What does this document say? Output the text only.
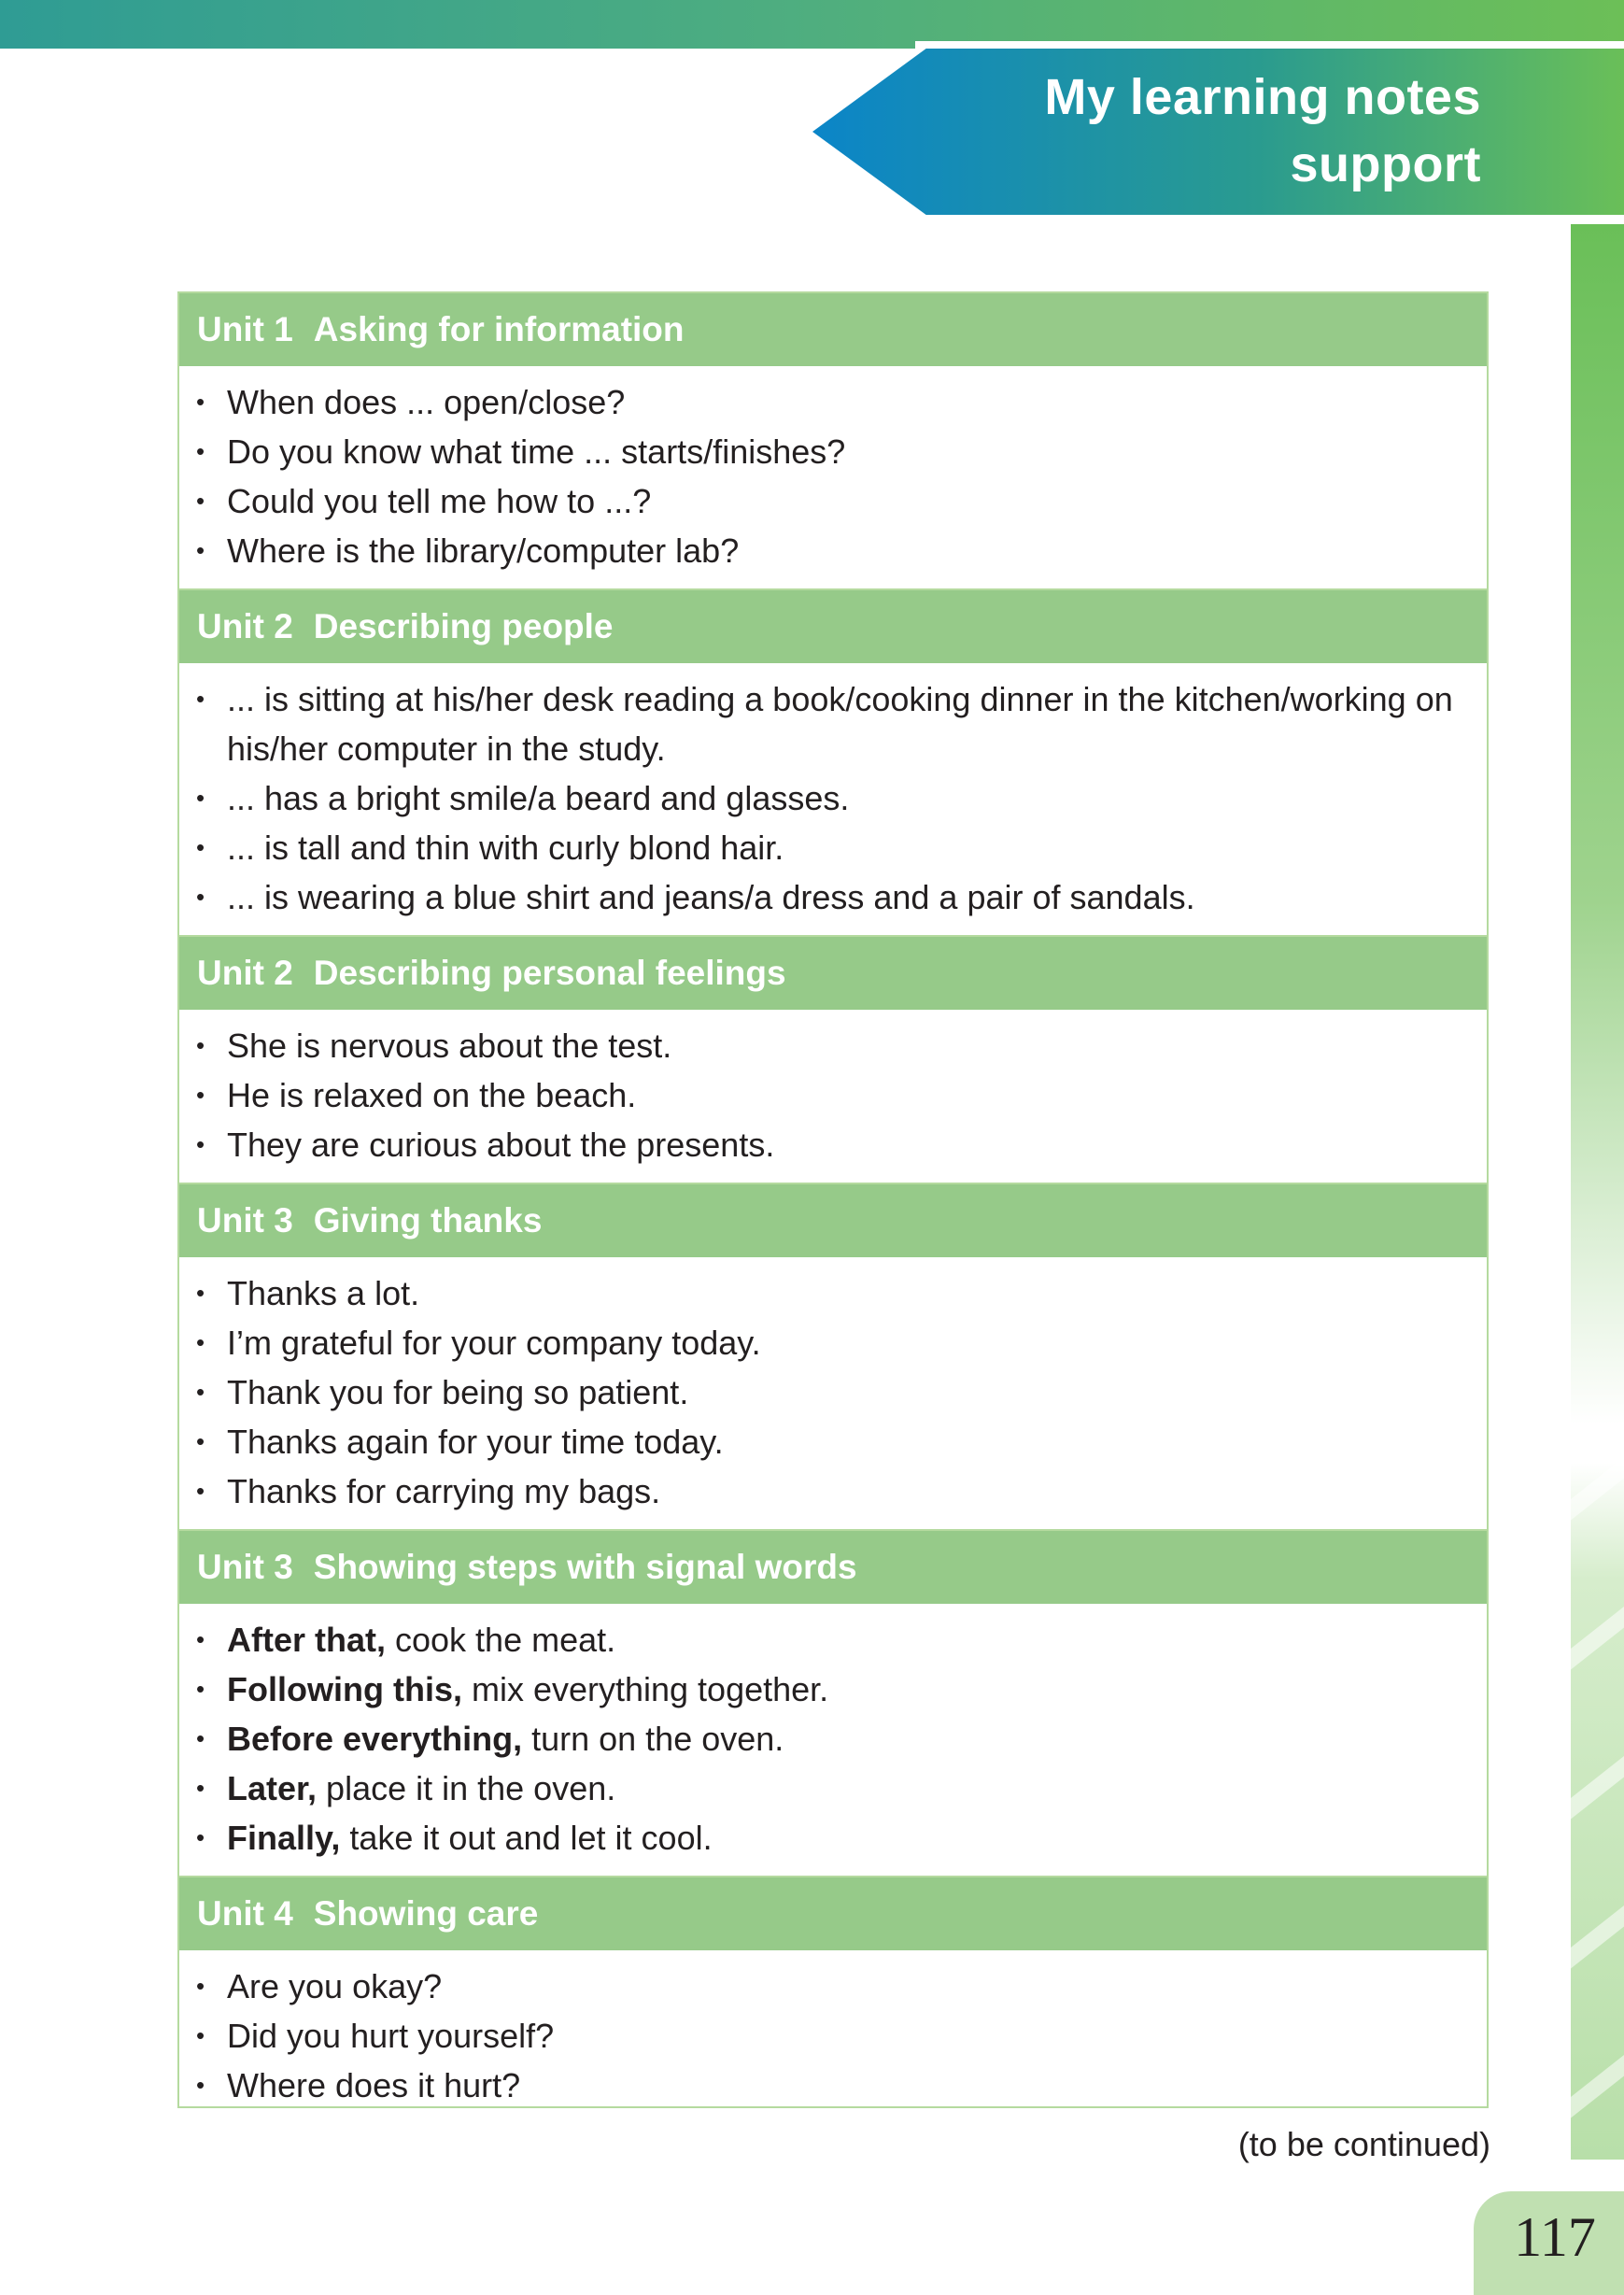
My learning notes
support
Unit 1 Asking for information
• When does ... open/close?
• Do you know what time ... starts/finishes?
• Could you tell me how to ...?
• Where is the library/computer lab?
Unit 2 Describing people
• ... is sitting at his/her desk reading a book/cooking dinner in the kitchen/working on his/her computer in the study.
• ... has a bright smile/a beard and glasses.
• ... is tall and thin with curly blond hair.
• ... is wearing a blue shirt and jeans/a dress and a pair of sandals.
Unit 2 Describing personal feelings
• She is nervous about the test.
• He is relaxed on the beach.
• They are curious about the presents.
Unit 3 Giving thanks
• Thanks a lot.
• I’m grateful for your company today.
• Thank you for being so patient.
• Thanks again for your time today.
• Thanks for carrying my bags.
Unit 3 Showing steps with signal words
• After that, cook the meat.
• Following this, mix everything together.
• Before everything, turn on the oven.
• Later, place it in the oven.
• Finally, take it out and let it cool.
Unit 4 Showing care
• Are you okay?
• Did you hurt yourself?
• Where does it hurt?
(to be continued)
117
